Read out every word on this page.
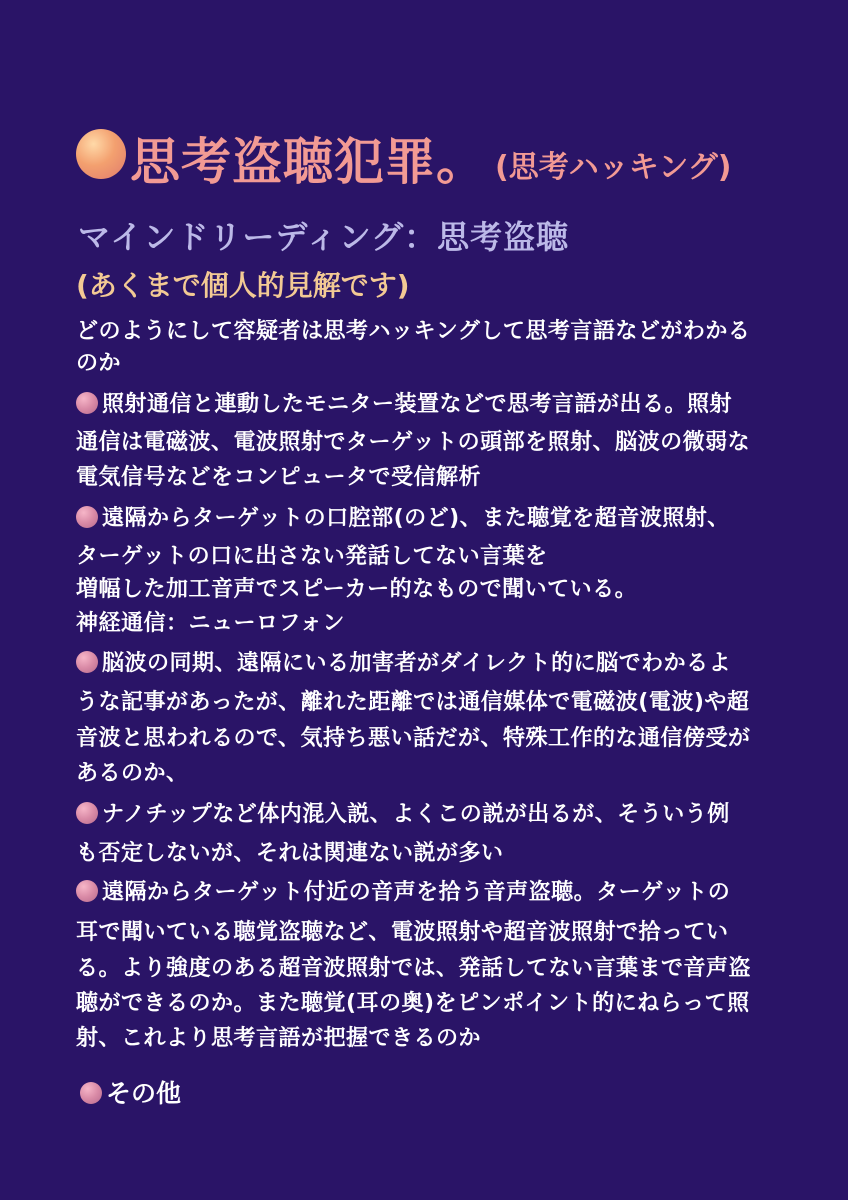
思考盗聴犯罪。 (思考ハッキング)
マインドリーディング：思考盗聴
(あくまで個人的見解です)
どのようにして容疑者は思考ハッキングして思考言語などがわかる
のか
照射通信と連動したモニター装置などで思考言語が出る。照射
通信は電磁波、電波照射でターゲットの頭部を照射、脳波の微弱な
電気信号などをコンピュータで受信解析
遠隔からターゲットの口腔部(のど)、また聴覚を超音波照射、
ターゲットの口に出さない発話してない言葉を
増幅した加工音声でスピーカー的なもので聞いている。
神経通信：ニューロフォン
脳波の同期、遠隔にいる加害者がダイレクト的に脳でわかるよ
うな記事があったが、離れた距離では通信媒体で電磁波(電波)や超
音波と思われるので、気持ち悪い話だが、特殊工作的な通信傍受が
あるのか、
ナノチップなど体内混入説、よくこの説が出るが、そういう例
も否定しないが、それは関連ない説が多い
遠隔からターゲット付近の音声を拾う音声盗聴。ターゲットの
耳で聞いている聴覚盗聴など、電波照射や超音波照射で拾ってい
る。より強度のある超音波照射では、発話してない言葉まで音声盗
聴ができるのか。また聴覚(耳の奥)をピンポイント的にねらって照
射、これより思考言語が把握できるのか
その他
